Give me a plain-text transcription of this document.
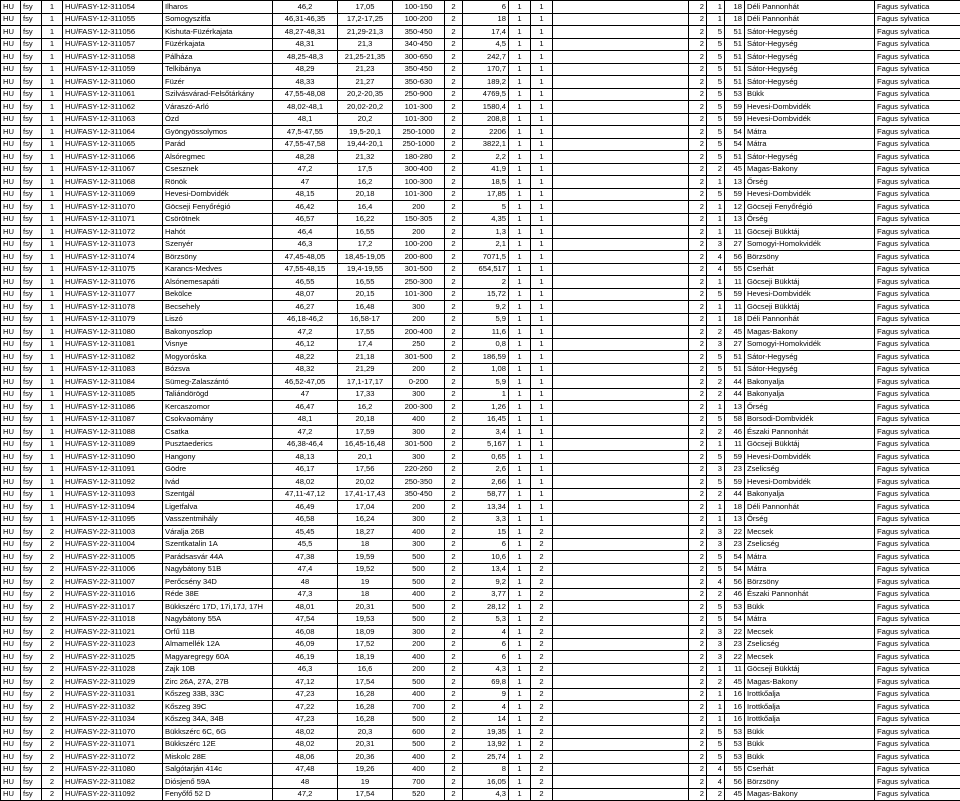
HU	fsy	1	HU/FASY-12-311054	Ilharos	46,2	17,05	100-150	2	6	1	1		2	1	18	Déli Pannonhát	Fagus sylvatica
HU	fsy	1	HU/FASY-12-311055	Somogyszitfa	46,31-46,35	17,2-17,25	100-200	2	18	1	1		2	1	18	Déli Pannonhát	Fagus sylvatica
HU	fsy	1	HU/FASY-12-311056	Kishuta-Füzérkajata	48,27-48,31	21,29-21,3	350-450	2	17,4	1	1		2	5	51	Sátor-Hegység	Fagus sylvatica
HU	fsy	1	HU/FASY-12-311057	Füzérkajata	48,31	21,3	340-450	2	4,5	1	1		2	5	51	Sátor-Hegység	Fagus sylvatica
HU	fsy	1	HU/FASY-12-311058	Pálháza	48,25-48,3	21,25-21,35	300-650	2	242,7	1	1		2	5	51	Sátor-Hegység	Fagus sylvatica
HU	fsy	1	HU/FASY-12-311059	Telkibánya	48,29	21,23	350-450	2	170,7	1	1		2	5	51	Sátor-Hegység	Fagus sylvatica
HU	fsy	1	HU/FASY-12-311060	Füzér	48,33	21,27	350-630	2	189,2	1	1		2	5	51	Sátor-Hegység	Fagus sylvatica
HU	fsy	1	HU/FASY-12-311061	Szilvásvárad-Felsőtárkány	47,55-48,08	20,2-20,35	250-900	2	4769,5	1	1		2	5	53	Bükk	Fagus sylvatica
HU	fsy	1	HU/FASY-12-311062	Váraszó-Arló	48,02-48,1	20,02-20,2	101-300	2	1580,4	1	1		2	5	59	Hevesi-Dombvidék	Fagus sylvatica
HU	fsy	1	HU/FASY-12-311063	Ózd	48,1	20,2	101-300	2	208,8	1	1		2	5	59	Hevesi-Dombvidék	Fagus sylvatica
HU	fsy	1	HU/FASY-12-311064	Gyöngyössolymos	47,5-47,55	19,5-20,1	250-1000	2	2206	1	1		2	5	54	Mátra	Fagus sylvatica
HU	fsy	1	HU/FASY-12-311065	Parád	47,55-47,58	19,44-20,1	250-1000	2	3822,1	1	1		2	5	54	Mátra	Fagus sylvatica
HU	fsy	1	HU/FASY-12-311066	Alsóregmec	48,28	21,32	180-280	2	2,2	1	1		2	5	51	Sátor-Hegység	Fagus sylvatica
HU	fsy	1	HU/FASY-12-311067	Csesznek	47,2	17,5	300-400	2	41,9	1	1		2	2	45	Magas-Bakony	Fagus sylvatica
HU	fsy	1	HU/FASY-12-311068	Rönök	47	16,2	100-300	2	18,5	1	1		2	1	13	Őrség	Fagus sylvatica
HU	fsy	1	HU/FASY-12-311069	Hevesi-Dombvidék	48,15	20,18	101-300	2	17,85	1	1		2	5	59	Hevesi-Dombvidék	Fagus sylvatica
HU	fsy	1	HU/FASY-12-311070	Göcseji Fenyőrégió	46,42	16,4	200	2	5	1	1		2	1	12	Göcseji Fenyőrégió	Fagus sylvatica
HU	fsy	1	HU/FASY-12-311071	Csörötnek	46,57	16,22	150-305	2	4,35	1	1		2	1	13	Őrség	Fagus sylvatica
HU	fsy	1	HU/FASY-12-311072	Hahót	46,4	16,55	200	2	1,3	1	1		2	1	11	Göcseji Bükktáj	Fagus sylvatica
HU	fsy	1	HU/FASY-12-311073	Szenyér	46,3	17,2	100-200	2	2,1	1	1		2	3	27	Somogyi-Homokvidék	Fagus sylvatica
HU	fsy	1	HU/FASY-12-311074	Börzsöny	47,45-48,05	18,45-19,05	200-800	2	7071,5	1	1		2	4	56	Börzsöny	Fagus sylvatica
HU	fsy	1	HU/FASY-12-311075	Karancs-Medves	47,55-48,15	19,4-19,55	301-500	2	654,517	1	1		2	4	55	Cserhát	Fagus sylvatica
HU	fsy	1	HU/FASY-12-311076	Alsónemesapáti	46,55	16,55	250-300	2	2	1	1		2	1	11	Göcseji Bükktáj	Fagus sylvatica
HU	fsy	1	HU/FASY-12-311077	Bekölce	48,07	20,15	101-300	2	15,72	1	1		2	5	59	Hevesi-Dombvidék	Fagus sylvatica
HU	fsy	1	HU/FASY-12-311078	Becsehely	46,27	16,48	300	2	9,2	1	1		2	1	11	Göcseji Bükktáj	Fagus sylvatica
HU	fsy	1	HU/FASY-12-311079	Liszó	46,18-46,2	16,58-17	200	2	5,9	1	1		2	1	18	Déli Pannonhát	Fagus sylvatica
HU	fsy	1	HU/FASY-12-311080	Bakonyoszlop	47,2	17,55	200-400	2	11,6	1	1		2	2	45	Magas-Bakony	Fagus sylvatica
HU	fsy	1	HU/FASY-12-311081	Visnye	46,12	17,4	250	2	0,8	1	1		2	3	27	Somogyi-Homokvidék	Fagus sylvatica
HU	fsy	1	HU/FASY-12-311082	Mogyoróska	48,22	21,18	301-500	2	186,59	1	1		2	5	51	Sátor-Hegység	Fagus sylvatica
HU	fsy	1	HU/FASY-12-311083	Bózsva	48,32	21,29	200	2	1,08	1	1		2	5	51	Sátor-Hegység	Fagus sylvatica
HU	fsy	1	HU/FASY-12-311084	Sümeg-Zalaszántó	46,52-47,05	17,1-17,17	0-200	2	5,9	1	1		2	2	44	Bakonyalja	Fagus sylvatica
HU	fsy	1	HU/FASY-12-311085	Taliándörögd	47	17,33	300	2	1	1	1		2	2	44	Bakonyalja	Fagus sylvatica
HU	fsy	1	HU/FASY-12-311086	Kercaszomor	46,47	16,2	200-300	2	1,26	1	1		2	1	13	Őrség	Fagus sylvatica
HU	fsy	1	HU/FASY-12-311087	Csokvaomány	48,1	20,18	400	2	16,45	1	1		2	5	58	Borsodi-Dombvidék	Fagus sylvatica
HU	fsy	1	HU/FASY-12-311088	Csatka	47,2	17,59	300	2	3,4	1	1		2	2	46	Északi Pannonhát	Fagus sylvatica
HU	fsy	1	HU/FASY-12-311089	Pusztaederics	46,38-46,4	16,45-16,48	301-500	2	5,167	1	1		2	1	11	Göcseji Bükktáj	Fagus sylvatica
HU	fsy	1	HU/FASY-12-311090	Hangony	48,13	20,1	300	2	0,65	1	1		2	5	59	Hevesi-Dombvidék	Fagus sylvatica
HU	fsy	1	HU/FASY-12-311091	Gödre	46,17	17,56	220-260	2	2,6	1	1		2	3	23	Zselicség	Fagus sylvatica
HU	fsy	1	HU/FASY-12-311092	Ivád	48,02	20,02	250-350	2	2,66	1	1		2	5	59	Hevesi-Dombvidék	Fagus sylvatica
HU	fsy	1	HU/FASY-12-311093	Szentgál	47,11-47,12	17,41-17,43	350-450	2	58,77	1	1		2	2	44	Bakonyalja	Fagus sylvatica
HU	fsy	1	HU/FASY-12-311094	Ligetfalva	46,49	17,04	200	2	13,34	1	1		2	1	18	Déli Pannonhát	Fagus sylvatica
HU	fsy	1	HU/FASY-12-311095	Vasszentmihály	46,58	16,24	300	2	3,3	1	1		2	1	13	Őrség	Fagus sylvatica
HU	fsy	2	HU/FASY-22-311003	Váralja 26B	45,45	18,27	400	2	15	1	2		2	3	22	Mecsek	Fagus sylvatica
HU	fsy	2	HU/FASY-22-311004	Szentkatalin 1A	45,5	18	300	2	6	1	2		2	3	23	Zselicség	Fagus sylvatica
HU	fsy	2	HU/FASY-22-311005	Parádsasvár 44A	47,38	19,59	500	2	10,6	1	2		2	5	54	Mátra	Fagus sylvatica
HU	fsy	2	HU/FASY-22-311006	Nagybátony 51B	47,4	19,52	500	2	13,4	1	2		2	5	54	Mátra	Fagus sylvatica
HU	fsy	2	HU/FASY-22-311007	Perőcsény 34D	48	19	500	2	9,2	1	2		2	4	56	Börzsöny	Fagus sylvatica
HU	fsy	2	HU/FASY-22-311016	Réde 38E	47,3	18	400	2	3,77	1	2		2	2	46	Északi Pannonhát	Fagus sylvatica
HU	fsy	2	HU/FASY-22-311017	Bükkszérc 17D, 17i,17J, 17H	48,01	20,31	500	2	28,12	1	2		2	5	53	Bükk	Fagus sylvatica
HU	fsy	2	HU/FASY-22-311018	Nagybátony 55A	47,54	19,53	500	2	5,3	1	2		2	5	54	Mátra	Fagus sylvatica
HU	fsy	2	HU/FASY-22-311021	Orfű 11B	46,08	18,09	300	2	4	1	2		2	3	22	Mecsek	Fagus sylvatica
HU	fsy	2	HU/FASY-22-311023	Almamellék 12A	46,09	17,52	200	2	6	1	2		2	3	23	Zselicség	Fagus sylvatica
HU	fsy	2	HU/FASY-22-311025	Magyaregregy 60A	46,19	18,19	400	2	6	1	2		2	3	22	Mecsek	Fagus sylvatica
HU	fsy	2	HU/FASY-22-311028	Zajk 10B	46,3	16,6	200	2	4,3	1	2		2	1	11	Göcseji Bükktáj	Fagus sylvatica
HU	fsy	2	HU/FASY-22-311029	Zirc 26A, 27A, 27B	47,12	17,54	500	2	69,8	1	2		2	2	45	Magas-Bakony	Fagus sylvatica
HU	fsy	2	HU/FASY-22-311031	Kőszeg 33B, 33C	47,23	16,28	400	2	9	1	2		2	1	16	Irottkőalja	Fagus sylvatica
HU	fsy	2	HU/FASY-22-311032	Kőszeg 39C	47,22	16,28	700	2	4	1	2		2	1	16	Irottkőalja	Fagus sylvatica
HU	fsy	2	HU/FASY-22-311034	Kőszeg 34A, 34B	47,23	16,28	500	2	14	1	2		2	1	16	Irottkőalja	Fagus sylvatica
HU	fsy	2	HU/FASY-22-311070	Bükkszérc 6C, 6G	48,02	20,3	600	2	19,35	1	2		2	5	53	Bükk	Fagus sylvatica
HU	fsy	2	HU/FASY-22-311071	Bükkszérc 12E	48,02	20,31	500	2	13,92	1	2		2	5	53	Bükk	Fagus sylvatica
HU	fsy	2	HU/FASY-22-311072	Miskolc 28E	48,06	20,36	400	2	25,74	1	2		2	5	53	Bükk	Fagus sylvatica
HU	fsy	2	HU/FASY-22-311080	Salgótarján 414c	47,48	19,26	400	2	8	1	2		2	4	55	Cserhát	Fagus sylvatica
HU	fsy	2	HU/FASY-22-311082	Diósjenő 59A	48	19	700	2	16,05	1	2		2	4	56	Börzsöny	Fagus sylvatica
HU	fsy	2	HU/FASY-22-311092	Fenyőfő 52 D	47,2	17,54	520	2	4,3	1	2		2	2	45	Magas-Bakony	Fagus sylvatica
